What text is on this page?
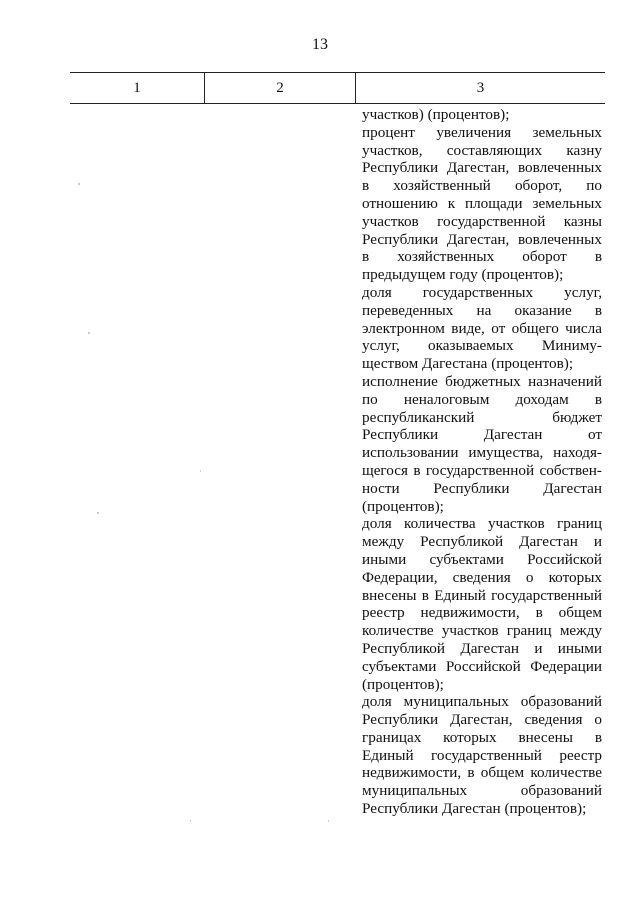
13
1	2	3
участков) (процентов);
процент увеличения земельных
участков, составляющих казну
Республики Дагестан, вовлеченных
в хозяйственный оборот, по
отношению к площади земельных
участков государственной казны
Республики Дагестан, вовлеченных
в хозяйственных оборот в
предыдущем году (процентов);
доля государственных услуг,
переведенных на оказание в
электронном виде, от общего числа
услуг, оказываемых Миниму-
ществом Дагестана (процентов);
исполнение бюджетных назначений
по неналоговым доходам в
республиканский бюджет
Республики Дагестан от
использовании имущества, находя-
щегося в государственной собствен-
ности Республики Дагестан
(процентов);
доля количества участков границ
между Республикой Дагестан и
иными субъектами Российской
Федерации, сведения о которых
внесены в Единый государственный
реестр недвижимости, в общем
количестве участков границ между
Республикой Дагестан и иными
субъектами Российской Федерации
(процентов);
доля муниципальных образований
Республики Дагестан, сведения о
границах которых внесены в
Единый государственный реестр
недвижимости, в общем количестве
муниципальных образований
Республики Дагестан (процентов);
